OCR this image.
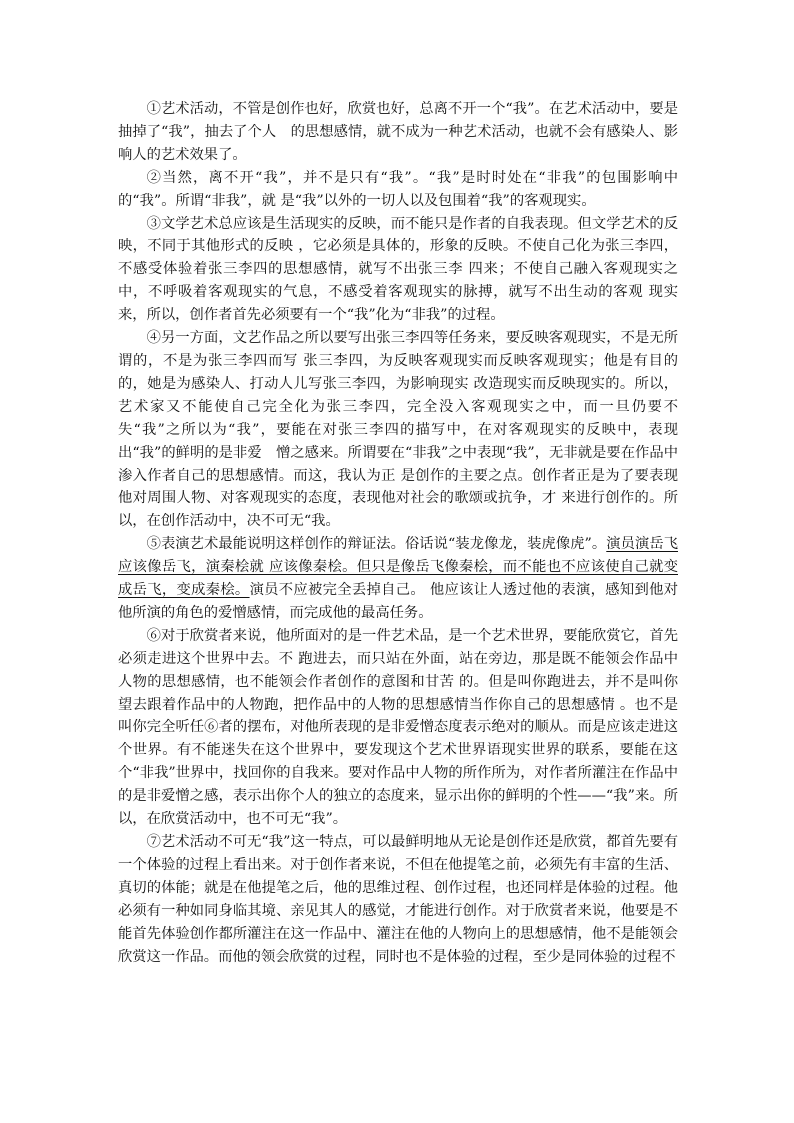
①艺术活动，不管是创作也好，欣赏也好，总离不开一个“我”。在艺术活动中，要是抽掉了“我”，抽去了个人　的思想感情，就不成为一种艺术活动，也就不会有感染人、影响人的艺术效果了。

②当然，离不开“我”，并不是只有“我”。“我”是时时处在“非我”的包围影响中的“我”。所谓“非我”，就 是“我”以外的一切人以及包围着“我”的客观现实。

③文学艺术总应该是生活现实的反映，而不能只是作者的自我表现。但文学艺术的反映，不同于其他形式的反映 ，它必须是具体的，形象的反映。不使自己化为张三李四，不感受体验着张三李四的思想感情，就写不出张三李 四来；不使自己融入客观现实之中，不呼吸着客观现实的气息，不感受着客观现实的脉搏，就写不出生动的客观 现实来，所以，创作者首先必须要有一个“我”化为“非我”的过程。

④另一方面，文艺作品之所以要写出张三李四等任务来，要反映客观现实，不是无所谓的，不是为张三李四而写 张三李四，为反映客观现实而反映客观现实；他是有目的的，她是为感染人、打动人儿写张三李四，为影响现实 改造现实而反映现实的。所以，艺术家又不能使自己完全化为张三李四，完全没入客观现实之中，而一旦仍要不 失“我”之所以为“我”，要能在对张三李四的描写中，在对客观现实的反映中，表现出“我”的鲜明的是非爱　憎之感来。所谓要在“非我”之中表现“我”，无非就是要在作品中渗入作者自己的思想感情。而这，我认为正 是创作的主要之点。创作者正是为了要表现他对周围人物、对客观现实的态度，表现他对社会的歌颂或抗争，才 来进行创作的。所以，在创作活动中，决不可无“我。

⑤表演艺术最能说明这样创作的辩证法。俗话说“装龙像龙，装虎像虎”。演员演岳飞应该像岳飞，演秦桧就 应该像秦桧。但只是像岳飞像秦桧，而不能也不应该使自己就变成岳飞，变成秦桧。演员不应被完全丢掉自己。 他应该让人透过他的表演，感知到他对他所演的角色的爱憎感情，而完成他的最高任务。

⑥对于欣赏者来说，他所面对的是一件艺术品，是一个艺术世界，要能欣赏它，首先必须走进这个世界中去。不 跑进去，而只站在外面，站在旁边，那是既不能领会作品中人物的思想感情，也不能领会作者创作的意图和甘苦 的。但是叫你跑进去，并不是叫你望去跟着作品中的人物跑，把作品中的人物的思想感情当作你自己的思想感情 。也不是叫你完全听任⑥者的摆布，对他所表现的是非爱憎态度表示绝对的顺从。而是应该走进这个世界。有不能迷失在这个世界中，要发现这个艺术世界语现实世界的联系，要能在这个“非我”世界中，找回你的自我来。要对作品中人物的所作所为，对作者所灌注在作品中的是非爱憎之感，表示出你个人的独立的态度来，显示出你的鲜明的个性——“我”来。所以，在欣赏活动中，也不可无“我”。

⑦艺术活动不可无“我”这一特点，可以最鲜明地从无论是创作还是欣赏，都首先要有一个体验的过程上看出来。对于创作者来说，不但在他提笔之前，必须先有丰富的生活、真切的体能；就是在他提笔之后，他的思维过程、创作过程，也还同样是体验的过程。他必须有一种如同身临其境、亲见其人的感觉，才能进行创作。对于欣赏者来说，他要是不能首先体验创作都所灌注在这一作品中、灌注在他的人物向上的思想感情，他不是能领会欣赏这一作品。而他的领会欣赏的过程，同时也不是体验的过程，至少是同体验的过程不
